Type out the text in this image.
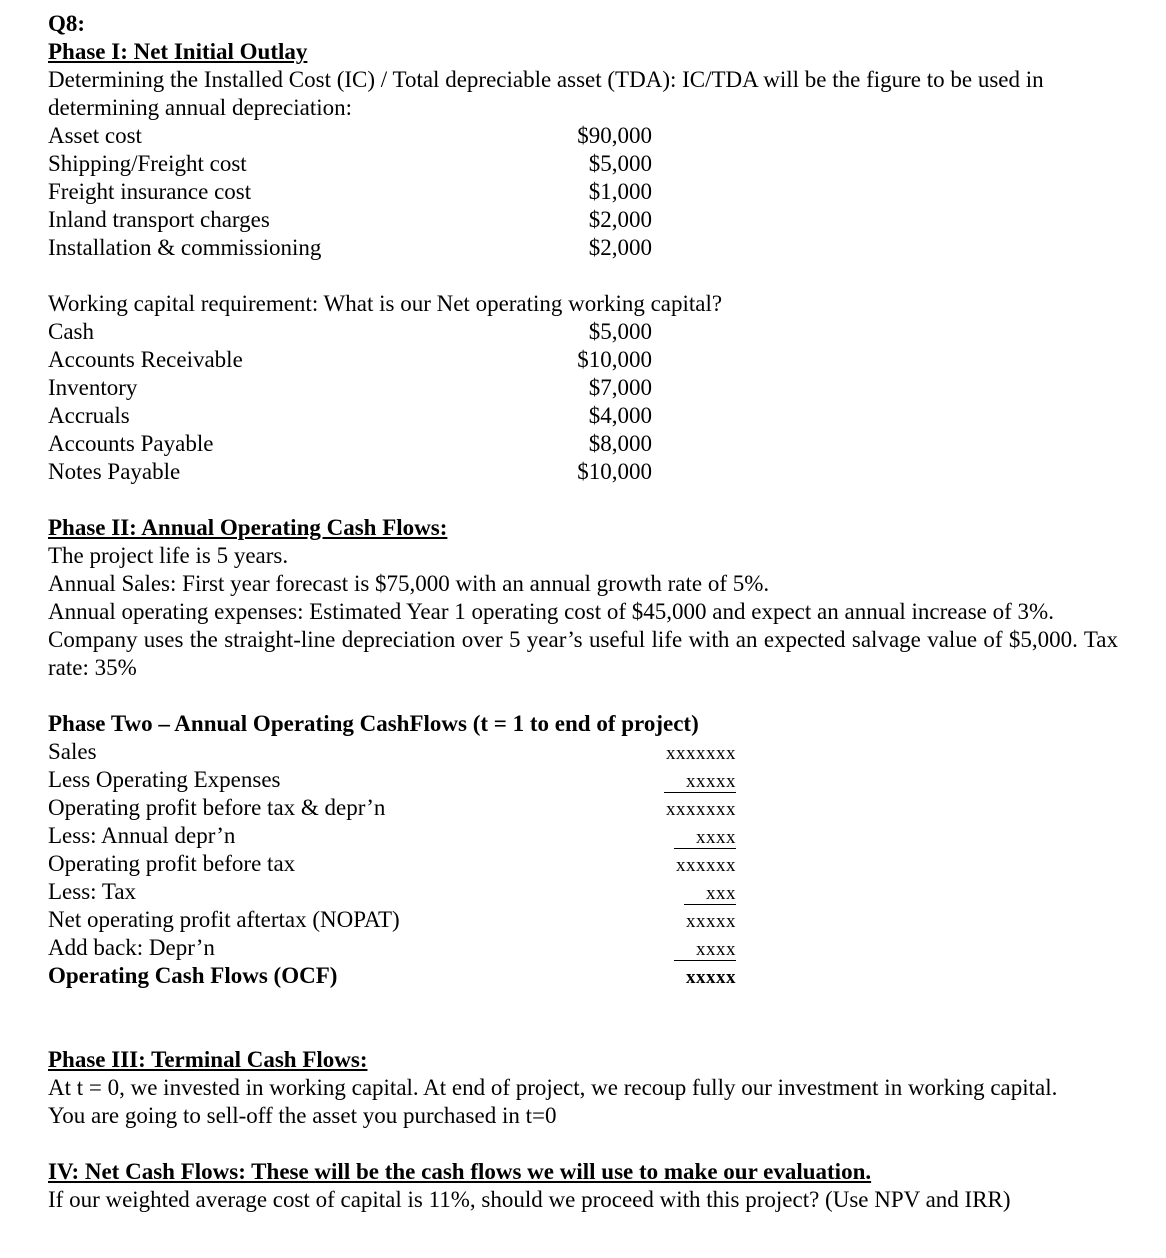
Q8:
Phase I: Net Initial Outlay
Determining the Installed Cost (IC) / Total depreciable asset (TDA): IC/TDA will be the figure to be used in determining annual depreciation:
Asset cost	$90,000
Shipping/Freight cost	$5,000
Freight insurance cost	$1,000
Inland transport charges	$2,000
Installation & commissioning	$2,000
Working capital requirement: What is our Net operating working capital?
Cash	$5,000
Accounts Receivable	$10,000
Inventory	$7,000
Accruals	$4,000
Accounts Payable	$8,000
Notes Payable	$10,000
Phase II: Annual Operating Cash Flows:
The project life is 5 years.
Annual Sales: First year forecast is $75,000 with an annual growth rate of 5%.
Annual operating expenses: Estimated Year 1 operating cost of $45,000 and expect an annual increase of 3%.
Company uses the straight-line depreciation over 5 year’s useful life with an expected salvage value of $5,000. Tax rate: 35%
Phase Two – Annual Operating CashFlows (t = 1 to end of project)
Sales	xxxxxxx
Less Operating Expenses	xxxxx
Operating profit before tax & depr’n	xxxxxxx
Less: Annual depr’n	xxxx
Operating profit before tax	xxxxxx
Less: Tax	xxx
Net operating profit aftertax (NOPAT)	xxxxx
Add back: Depr’n	xxxx
Operating Cash Flows (OCF)	xxxxx
Phase III: Terminal Cash Flows:
At t = 0, we invested in working capital. At end of project, we recoup fully our investment in working capital.
You are going to sell-off the asset you purchased in t=0
IV: Net Cash Flows: These will be the cash flows we will use to make our evaluation.
If our weighted average cost of capital is 11%, should we proceed with this project? (Use NPV and IRR)
